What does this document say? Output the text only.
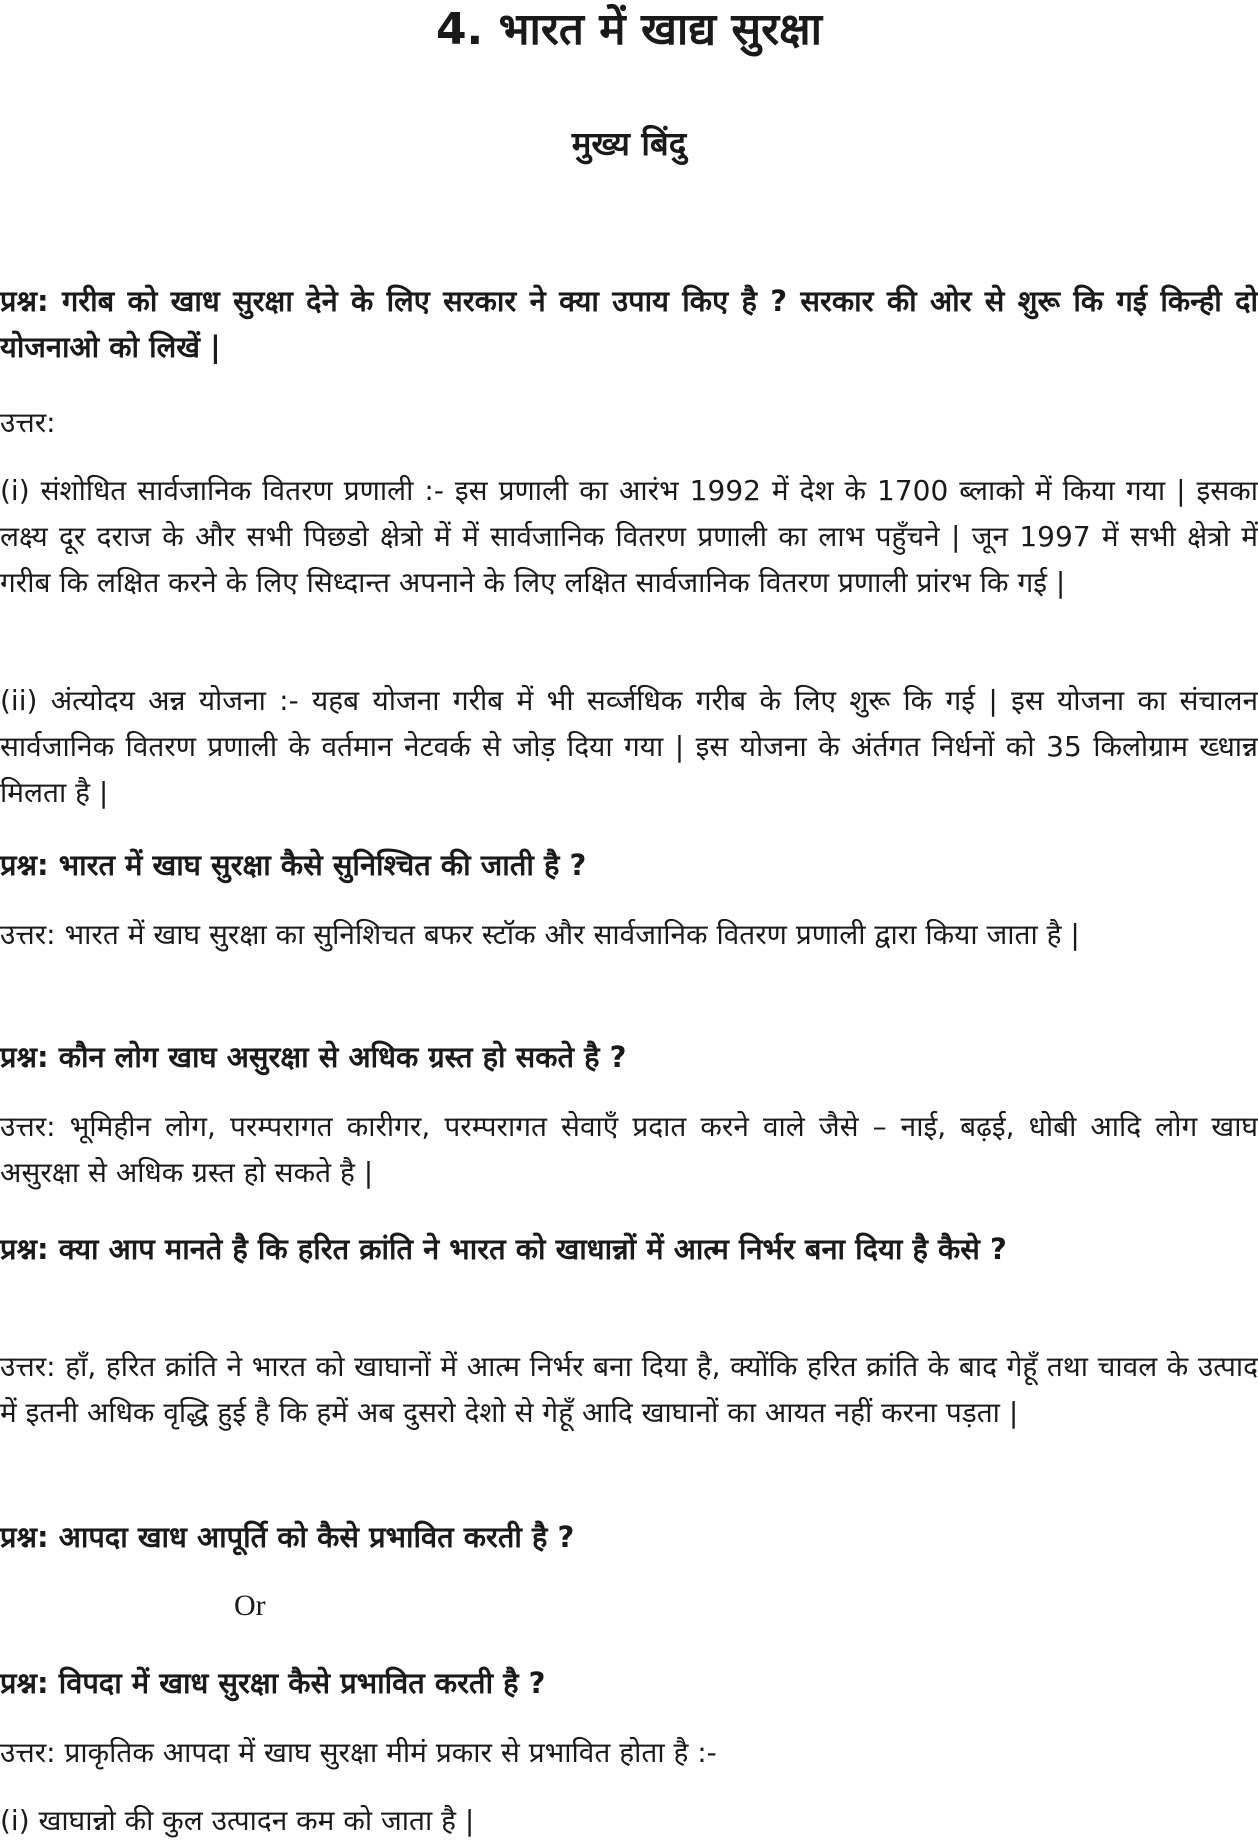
4. भारत में खाद्य सुरक्षा
मुख्य बिंदु

प्रश्न: गरीब को खाध सुरक्षा देने के लिए सरकार ने क्या उपाय किए है ? सरकार की ओर से शुरू कि गई किन्ही दो योजनाओ को लिखें |

उत्तर:

(i) संशोधित सार्वजानिक वितरण प्रणाली :- इस प्रणाली का आरंभ 1992 में देश के 1700 ब्लाको में किया गया | इसका लक्ष्य दूर दराज के और सभी पिछडो क्षेत्रो में में सार्वजानिक वितरण प्रणाली का लाभ पहुँचने | जून 1997 में सभी क्षेत्रो में गरीब कि लक्षित करने के लिए सिध्दान्त अपनाने के लिए लक्षित सार्वजानिक वितरण प्रणाली प्रांरभ कि गई |

(ii) अंत्योदय अन्न योजना :- यहब योजना गरीब में भी सर्व्जधिक गरीब के लिए शुरू कि गई | इस योजना का संचालन सार्वजानिक वितरण प्रणाली के वर्तमान नेटवर्क से जोड़ दिया गया | इस योजना के अंर्तगत निर्धनों को 35 किलोग्राम ख्धान्न मिलता है |

प्रश्न: भारत में खाघ सुरक्षा कैसे सुनिश्चित की जाती है ?

उत्तर: भारत में खाघ सुरक्षा का सुनिशिचत बफर स्टॉक और सार्वजानिक वितरण प्रणाली द्वारा किया जाता है |

प्रश्न: कौन लोग खाघ असुरक्षा से अधिक ग्रस्त हो सकते है ?

उत्तर: भूमिहीन लोग, परम्परागत कारीगर, परम्परागत सेवाएँ प्रदात करने वाले जैसे – नाई, बढ़ई, धोबी आदि लोग खाघ असुरक्षा से अधिक ग्रस्त हो सकते है |

प्रश्न: क्या आप मानते है कि हरित क्रांति ने भारत को खाधान्नों में आत्म निर्भर बना दिया है कैसे ?

उत्तर: हाँ, हरित क्रांति ने भारत को खाघानों में आत्म निर्भर बना दिया है, क्योंकि हरित क्रांति के बाद गेहूँ तथा चावल के उत्पाद में इतनी अधिक वृद्धि हुई है कि हमें अब दुसरो देशो से गेहूँ आदि खाघानों का आयत नहीं करना पड़ता |

प्रश्न: आपदा खाध आपूर्ति को कैसे प्रभावित करती है ?

Or

प्रश्न: विपदा में खाध सुरक्षा कैसे प्रभावित करती है ?

उत्तर: प्राकृतिक आपदा में खाघ सुरक्षा मीमं प्रकार से प्रभावित होता है :-

(i) खाघान्नो की कुल उत्पादन कम को जाता है |
